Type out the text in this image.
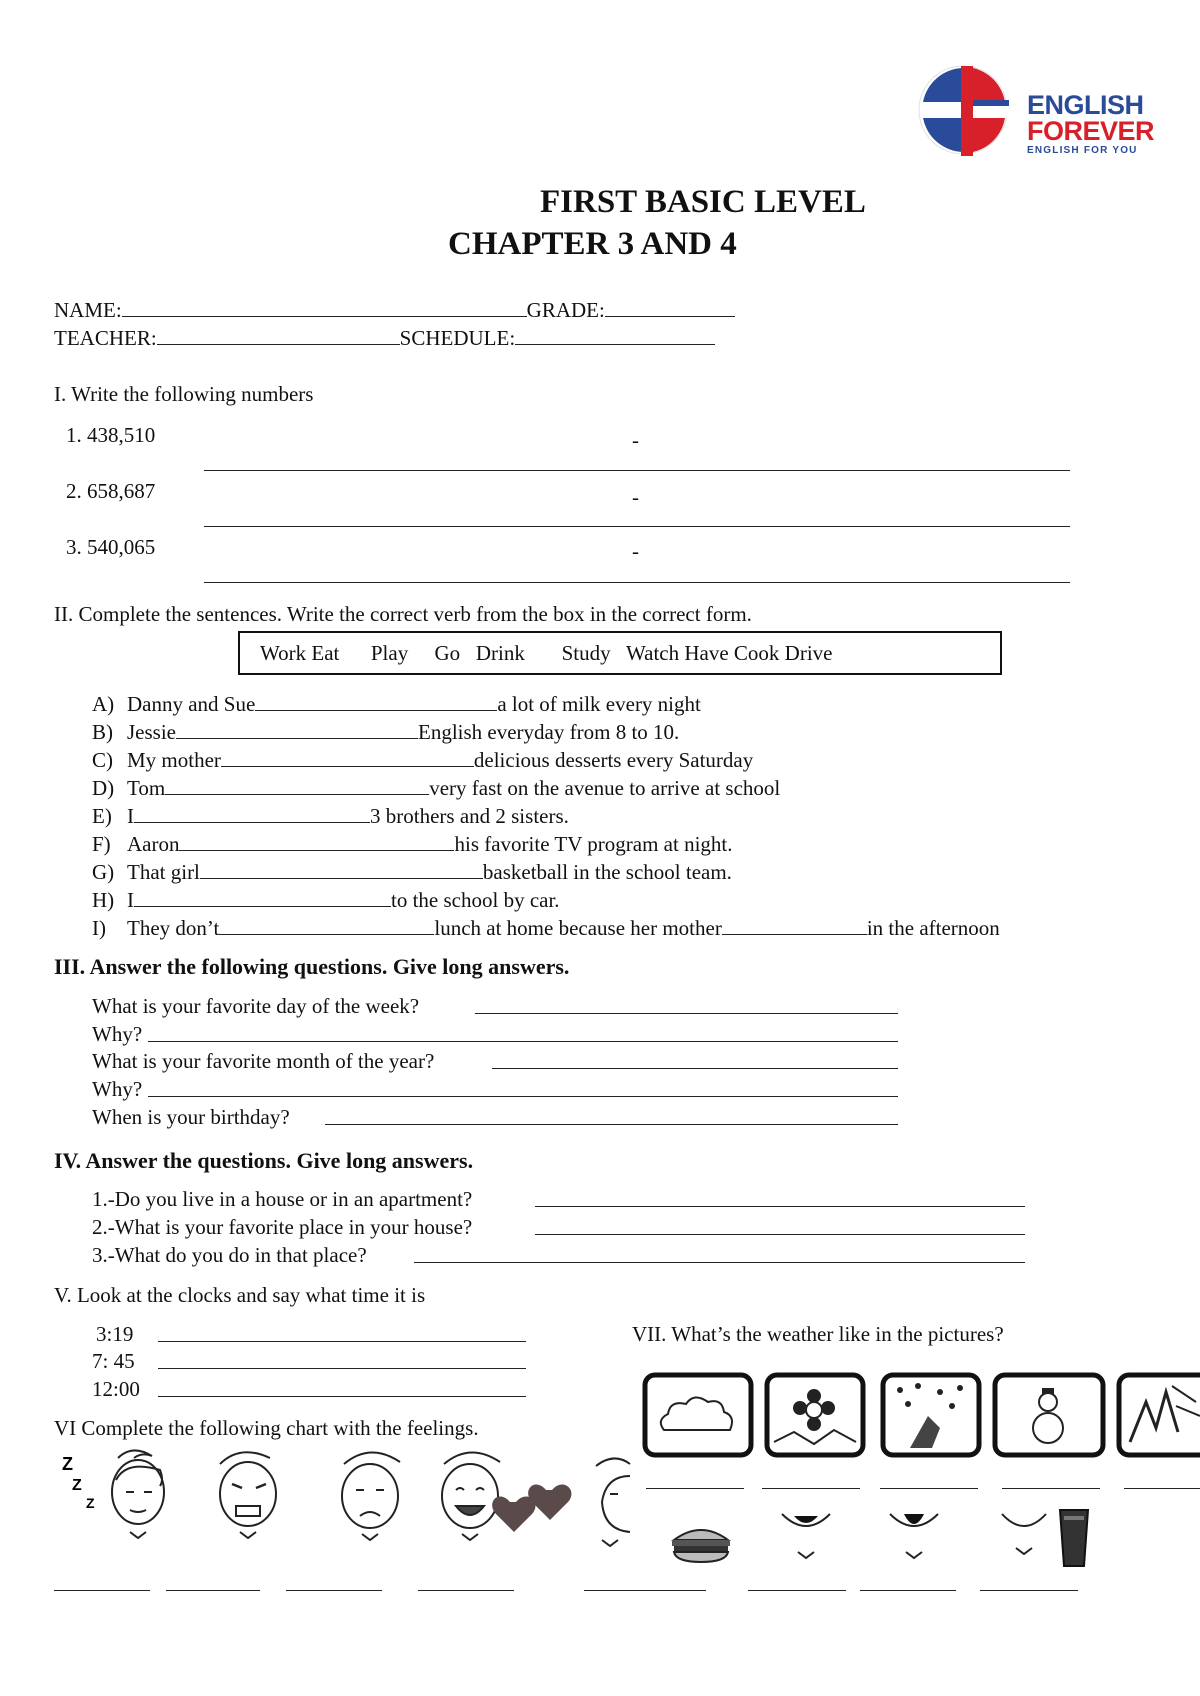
ENGLISH
FOREVER
ENGLISH FOR YOU
FIRST BASIC LEVEL
CHAPTER 3 AND 4
NAME:	GRADE:
TEACHER:	SCHEDULE:
I. Write the following numbers
1. 438,510	-
2. 658,687	-
3. 540,065	-
II. Complete the sentences. Write the correct verb from the box in the correct form.
Work Eat      Play     Go   Drink       Study   Watch Have Cook Drive
A) Danny and Sue	a lot of milk every night
B) Jessie	English everyday from 8 to 10.
C) My mother	delicious desserts every Saturday
D) Tom	very fast on the avenue to arrive at school
E) I	3 brothers and 2 sisters.
F) Aaron	his favorite TV program at night.
G) That girl	basketball in the school team.
H) I	to the school by car.
I) They don’t	lunch at home because her mother	in the afternoon
III. Answer the following questions. Give long answers.
What is your favorite day of the week?
Why?
What is your favorite month of the year?
Why?
When is your birthday?
IV. Answer the questions. Give long answers.
1.-Do you live in a house or in an apartment?
2.-What is your favorite place in your house?
3.-What do you do in that place?
V. Look at the clocks and say what time it is
3:19
7: 45
12:00
VII. What’s the weather like in the pictures?
VI Complete the following chart with the feelings.
Z
Z
Z
